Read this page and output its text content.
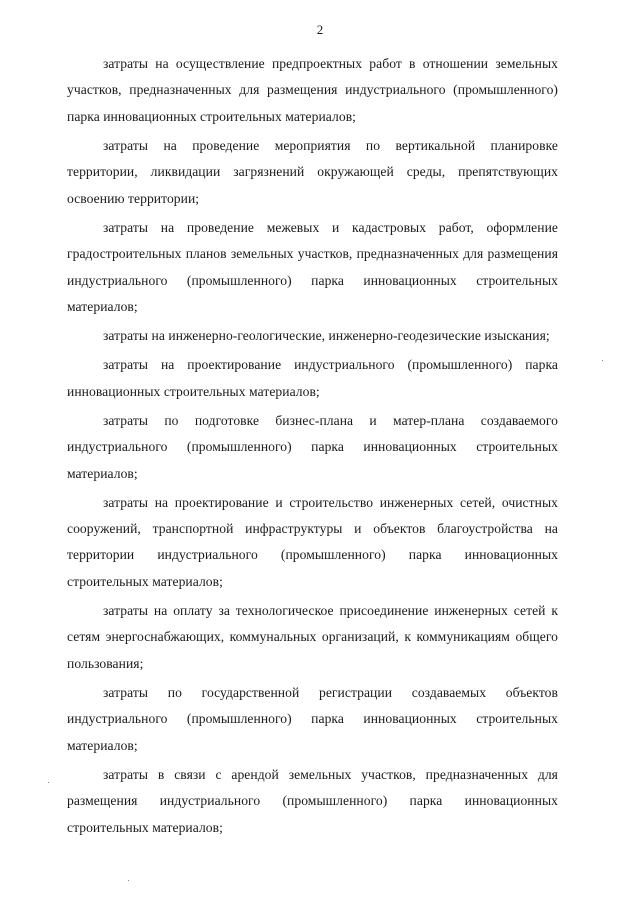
2

затраты на осуществление предпроектных работ в отношении земельных участков, предназначенных для размещения индустриального (промышленного) парка инновационных строительных материалов;

затраты на проведение мероприятия по вертикальной планировке территории, ликвидации загрязнений окружающей среды, препятствующих освоению территории;

затраты на проведение межевых и кадастровых работ, оформление градостроительных планов земельных участков, предназначенных для размещения индустриального (промышленного) парка инновационных строительных материалов;

затраты на инженерно-геологические, инженерно-геодезические изыскания;

затраты на проектирование индустриального (промышленного) парка инновационных строительных материалов;

затраты по подготовке бизнес-плана и матер-плана создаваемого индустриального (промышленного) парка инновационных строительных материалов;

затраты на проектирование и строительство инженерных сетей, очистных сооружений, транспортной инфраструктуры и объектов благоустройства на территории индустриального (промышленного) парка инновационных строительных материалов;

затраты на оплату за технологическое присоединение инженерных сетей к сетям энергоснабжающих, коммунальных организаций, к коммуникациям общего пользования;

затраты по государственной регистрации создаваемых объектов индустриального (промышленного) парка инновационных строительных материалов;

затраты в связи с арендой земельных участков, предназначенных для размещения индустриального (промышленного) парка инновационных строительных материалов;
